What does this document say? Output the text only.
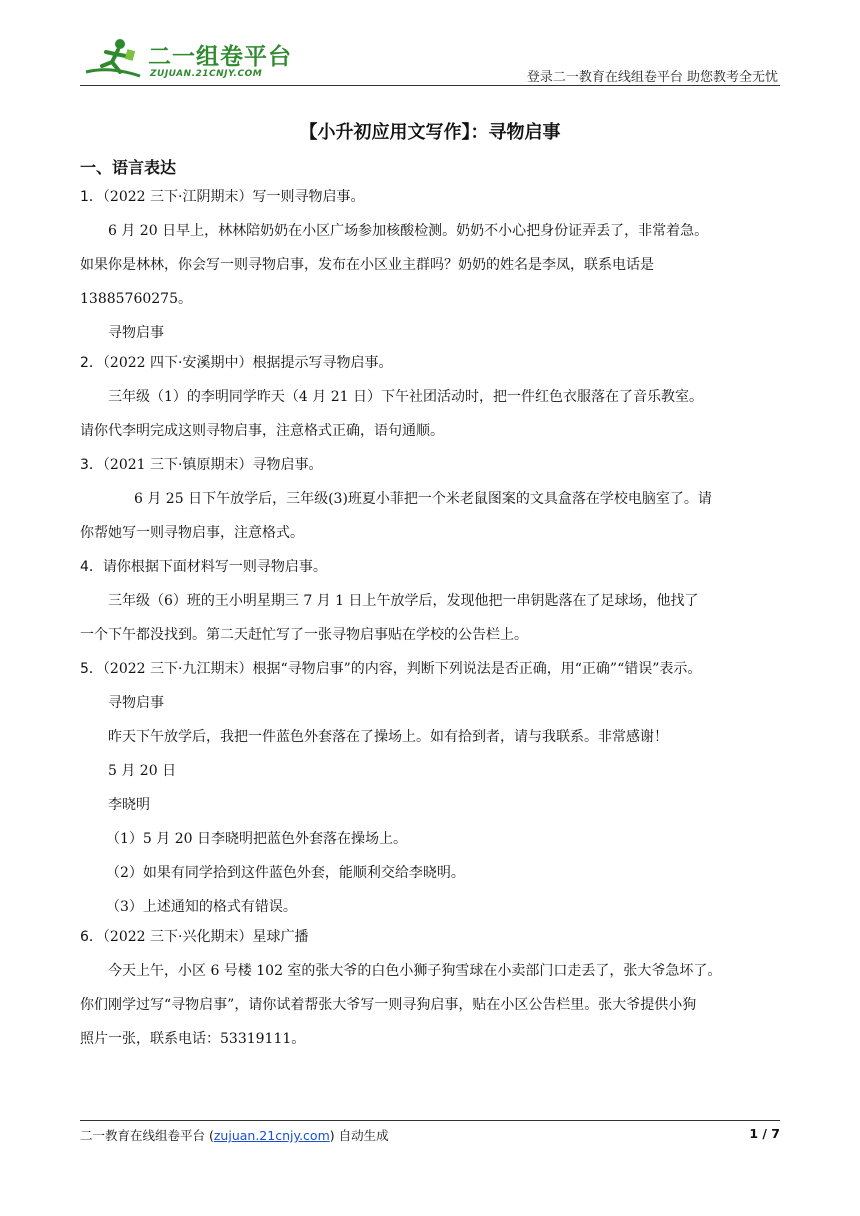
二一组卷平台
ZUJUAN.21CNJY.COM	登录二一教育在线组卷平台 助您教考全无忧
【小升初应用文写作】：寻物启事
一、语言表达
1．（2022 三下·江阴期末）写一则寻物启事。
6 月 20 日早上，林林陪奶奶在小区广场参加核酸检测。奶奶不小心把身份证弄丢了，非常着急。
如果你是林林，你会写一则寻物启事，发布在小区业主群吗？奶奶的姓名是李凤，联系电话是
13885760275。
寻物启事
2．（2022 四下·安溪期中）根据提示写寻物启事。
三年级（1）的李明同学昨天（4 月 21 日）下午社团活动时，把一件红色衣服落在了音乐教室。
请你代李明完成这则寻物启事，注意格式正确，语句通顺。
3．（2021 三下·镇原期末）寻物启事。
6 月 25 日下午放学后，三年级(3)班夏小菲把一个米老鼠图案的文具盒落在学校电脑室了。请
你帮她写一则寻物启事，注意格式。
4．请你根据下面材料写一则寻物启事。
三年级（6）班的王小明星期三 7 月 1 日上午放学后，发现他把一串钥匙落在了足球场，他找了
一个下午都没找到。第二天赶忙写了一张寻物启事贴在学校的公告栏上。
5．（2022 三下·九江期末）根据“寻物启事”的内容，判断下列说法是否正确，用“正确”“错误”表示。
寻物启事
昨天下午放学后，我把一件蓝色外套落在了操场上。如有拾到者，请与我联系。非常感谢！
5 月 20 日
李晓明
（1）5 月 20 日李晓明把蓝色外套落在操场上。
（2）如果有同学拾到这件蓝色外套，能顺利交给李晓明。
（3）上述通知的格式有错误。
6．（2022 三下·兴化期末）星球广播
今天上午，小区 6 号楼 102 室的张大爷的白色小狮子狗雪球在小卖部门口走丢了，张大爷急坏了。
你们刚学过写“寻物启事”，请你试着帮张大爷写一则寻狗启事，贴在小区公告栏里。张大爷提供小狗
照片一张，联系电话：53319111。
二一教育在线组卷平台 (zujuan.21cnjy.com) 自动生成	1 / 7
